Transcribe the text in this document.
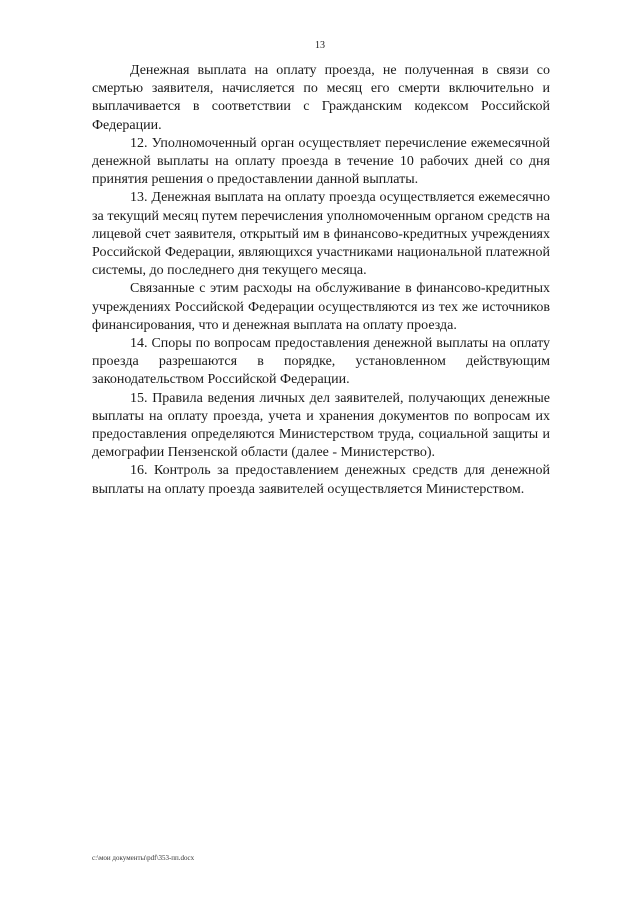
13

Денежная выплата на оплату проезда, не полученная в связи со смертью заявителя, начисляется по месяц его смерти включительно и выплачивается в соответствии с Гражданским кодексом Российской Федерации.

12. Уполномоченный орган осуществляет перечисление ежемесячной денежной выплаты на оплату проезда в течение 10 рабочих дней со дня принятия решения о предоставлении данной выплаты.

13. Денежная выплата на оплату проезда осуществляется ежемесячно за текущий месяц путем перечисления уполномоченным органом средств на лицевой счет заявителя, открытый им в финансово-кредитных учреждениях Российской Федерации, являющихся участниками национальной платежной системы, до последнего дня текущего месяца.

Связанные с этим расходы на обслуживание в финансово-кредитных учреждениях Российской Федерации осуществляются из тех же источников финансирования, что и денежная выплата на оплату проезда.

14. Споры по вопросам предоставления денежной выплаты на оплату проезда разрешаются в порядке, установленном действующим законодательством Российской Федерации.

15. Правила ведения личных дел заявителей, получающих денежные выплаты на оплату проезда, учета и хранения документов по вопросам их предоставления определяются Министерством труда, социальной защиты и демографии Пензенской области (далее - Министерство).

16. Контроль за предоставлением денежных средств для денежной выплаты на оплату проезда заявителей осуществляется Министерством.

c:\мои документы\pdf\353-пп.docx
